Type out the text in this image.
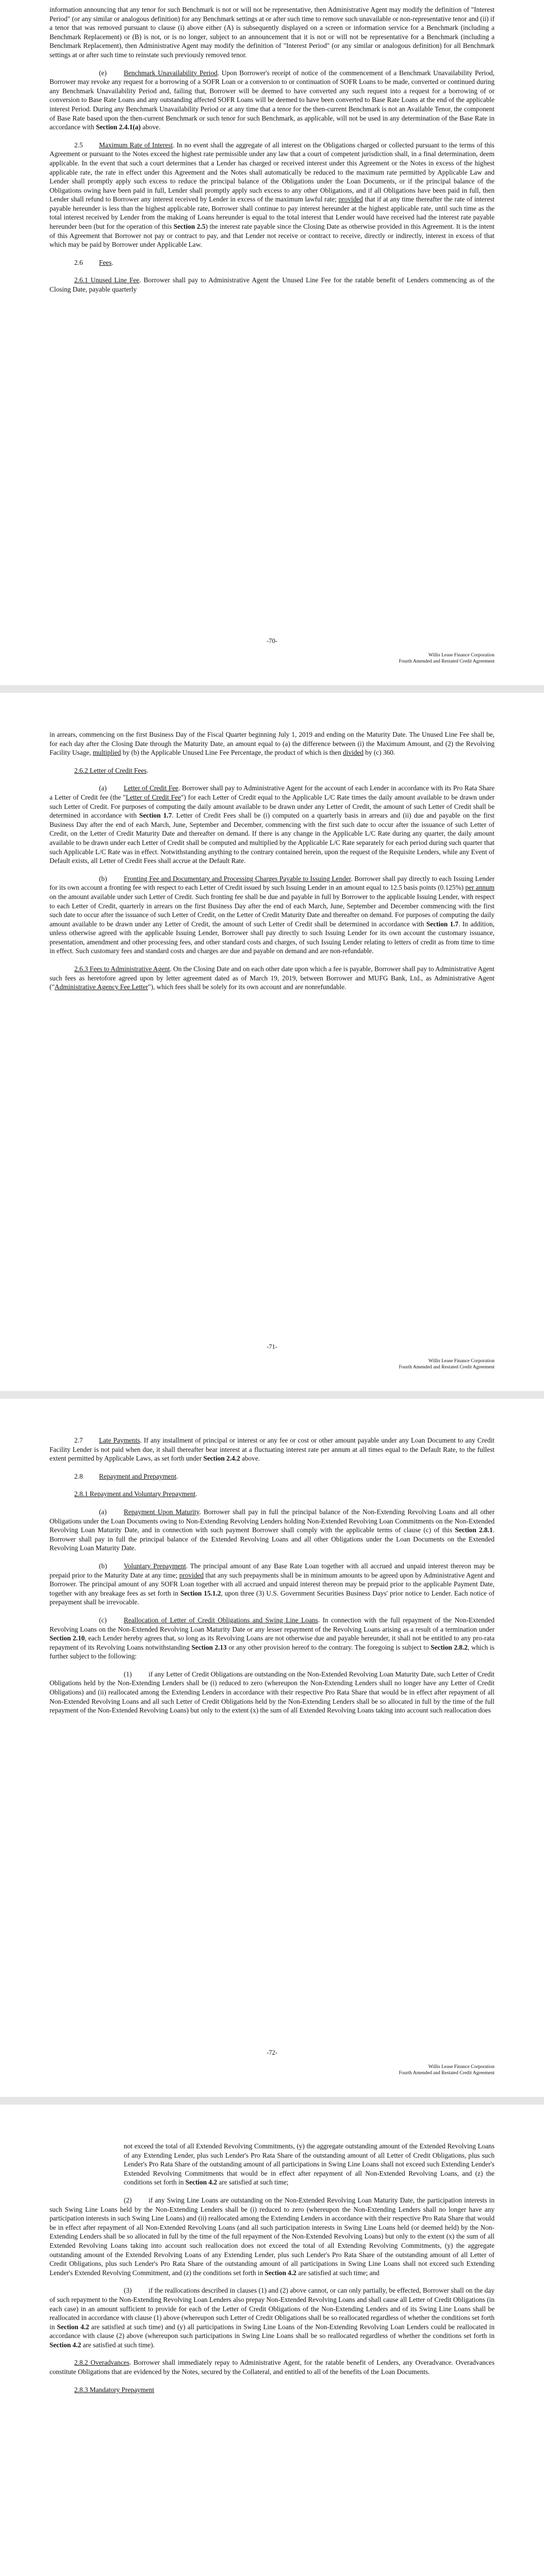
information announcing that any tenor for such Benchmark is not or will not be representative, then Administrative Agent may modify the definition of "Interest Period" (or any similar or analogous definition) for any Benchmark settings at or after such time to remove such unavailable or non-representative tenor and (ii) if a tenor that was removed pursuant to clause (i) above either (A) is subsequently displayed on a screen or information service for a Benchmark (including a Benchmark Replacement) or (B) is not, or is no longer, subject to an announcement that it is not or will not be representative for a Benchmark (including a Benchmark Replacement), then Administrative Agent may modify the definition of "Interest Period" (or any similar or analogous definition) for all Benchmark settings at or after such time to reinstate such previously removed tenor.

(e) Benchmark Unavailability Period. Upon Borrower's receipt of notice of the commencement of a Benchmark Unavailability Period, Borrower may revoke any request for a borrowing of a SOFR Loan or a conversion to or continuation of SOFR Loans to be made, converted or continued during any Benchmark Unavailability Period and, failing that, Borrower will be deemed to have converted any such request into a request for a borrowing of or conversion to Base Rate Loans and any outstanding affected SOFR Loans will be deemed to have been converted to Base Rate Loans at the end of the applicable interest Period. During any Benchmark Unavailability Period or at any time that a tenor for the then-current Benchmark is not an Available Tenor, the component of Base Rate based upon the then-current Benchmark or such tenor for such Benchmark, as applicable, will not be used in any determination of the Base Rate in accordance with Section 2.4.1(a) above.

2.5 Maximum Rate of Interest. In no event shall the aggregate of all interest on the Obligations charged or collected pursuant to the terms of this Agreement or pursuant to the Notes exceed the highest rate permissible under any law that a court of competent jurisdiction shall, in a final determination, deem applicable. In the event that such a court determines that a Lender has charged or received interest under this Agreement or the Notes in excess of the highest applicable rate, the rate in effect under this Agreement and the Notes shall automatically be reduced to the maximum rate permitted by Applicable Law and Lender shall promptly apply such excess to reduce the principal balance of the Obligations under the Loan Documents, or if the principal balance of the Obligations owing have been paid in full, Lender shall promptly apply such excess to any other Obligations, and if all Obligations have been paid in full, then Lender shall refund to Borrower any interest received by Lender in excess of the maximum lawful rate; provided that if at any time thereafter the rate of interest payable hereunder is less than the highest applicable rate, Borrower shall continue to pay interest hereunder at the highest applicable rate, until such time as the total interest received by Lender from the making of Loans hereunder is equal to the total interest that Lender would have received had the interest rate payable hereunder been (but for the operation of this Section 2.5) the interest rate payable since the Closing Date as otherwise provided in this Agreement. It is the intent of this Agreement that Borrower not pay or contract to pay, and that Lender not receive or contract to receive, directly or indirectly, interest in excess of that which may be paid by Borrower under Applicable Law.

2.6 Fees.

2.6.1 Unused Line Fee. Borrower shall pay to Administrative Agent the Unused Line Fee for the ratable benefit of Lenders commencing as of the Closing Date, payable quarterly

-70-
Willis Lease Finance Corporation
Fourth Amended and Restated Credit Agreement

in arrears, commencing on the first Business Day of the Fiscal Quarter beginning July 1, 2019 and ending on the Maturity Date. The Unused Line Fee shall be, for each day after the Closing Date through the Maturity Date, an amount equal to (a) the difference between (i) the Maximum Amount, and (2) the Revolving Facility Usage, multiplied by (b) the Applicable Unused Line Fee Percentage, the product of which is then divided by (c) 360.

2.6.2 Letter of Credit Fees.

(a) Letter of Credit Fee. Borrower shall pay to Administrative Agent for the account of each Lender in accordance with its Pro Rata Share a Letter of Credit fee (the "Letter of Credit Fee") for each Letter of Credit equal to the Applicable L/C Rate times the daily amount available to be drawn under such Letter of Credit. For purposes of computing the daily amount available to be drawn under any Letter of Credit, the amount of such Letter of Credit shall be determined in accordance with Section 1.7. Letter of Credit Fees shall be (i) computed on a quarterly basis in arrears and (ii) due and payable on the first Business Day after the end of each March, June, September and December, commencing with the first such date to occur after the issuance of such Letter of Credit, on the Letter of Credit Maturity Date and thereafter on demand. If there is any change in the Applicable L/C Rate during any quarter, the daily amount available to be drawn under each Letter of Credit shall be computed and multiplied by the Applicable L/C Rate separately for each period during such quarter that such Applicable L/C Rate was in effect. Notwithstanding anything to the contrary contained herein, upon the request of the Requisite Lenders, while any Event of Default exists, all Letter of Credit Fees shall accrue at the Default Rate.

(b) Fronting Fee and Documentary and Processing Charges Payable to Issuing Lender. Borrower shall pay directly to each Issuing Lender for its own account a fronting fee with respect to each Letter of Credit issued by such Issuing Lender in an amount equal to 12.5 basis points (0.125%) per annum on the amount available under such Letter of Credit. Such fronting fee shall be due and payable in full by Borrower to the applicable Issuing Lender, with respect to each Letter of Credit, quarterly in arrears on the first Business Day after the end of each March, June, September and December commencing with the first such date to occur after the issuance of such Letter of Credit, on the Letter of Credit Maturity Date and thereafter on demand. For purposes of computing the daily amount available to be drawn under any Letter of Credit, the amount of such Letter of Credit shall be determined in accordance with Section 1.7. In addition, unless otherwise agreed with the applicable Issuing Lender, Borrower shall pay directly to such Issuing Lender for its own account the customary issuance, presentation, amendment and other processing fees, and other standard costs and charges, of such Issuing Lender relating to letters of credit as from time to time in effect. Such customary fees and standard costs and charges are due and payable on demand and are non-refundable.

2.6.3 Fees to Administrative Agent. On the Closing Date and on each other date upon which a fee is payable, Borrower shall pay to Administrative Agent such fees as heretofore agreed upon by letter agreement dated as of March 19, 2019, between Borrower and MUFG Bank, Ltd., as Administrative Agent ("Administrative Agency Fee Letter"), which fees shall be solely for its own account and are nonrefundable.

-71-
Willis Lease Finance Corporation
Fourth Amended and Restated Credit Agreement

2.7 Late Payments. If any installment of principal or interest or any fee or cost or other amount payable under any Loan Document to any Credit Facility Lender is not paid when due, it shall thereafter bear interest at a fluctuating interest rate per annum at all times equal to the Default Rate, to the fullest extent permitted by Applicable Laws, as set forth under Section 2.4.2 above.

2.8 Repayment and Prepayment.

2.8.1 Repayment and Voluntary Prepayment.

(a) Repayment Upon Maturity. Borrower shall pay in full the principal balance of the Non-Extending Revolving Loans and all other Obligations under the Loan Documents owing to Non-Extending Revolving Lenders holding Non-Extended Revolving Loan Commitments on the Non-Extended Revolving Loan Maturity Date, and in connection with such payment Borrower shall comply with the applicable terms of clause (c) of this Section 2.8.1. Borrower shall pay in full the principal balance of the Extended Revolving Loans and all other Obligations under the Loan Documents on the Extended Revolving Loan Maturity Date.

(b) Voluntary Prepayment. The principal amount of any Base Rate Loan together with all accrued and unpaid interest thereon may be prepaid prior to the Maturity Date at any time; provided that any such prepayments shall be in minimum amounts to be agreed upon by Administrative Agent and Borrower. The principal amount of any SOFR Loan together with all accrued and unpaid interest thereon may be prepaid prior to the applicable Payment Date, together with any breakage fees as set forth in Section 15.1.2, upon three (3) U.S. Government Securities Business Days' prior notice to Lender. Each notice of prepayment shall be irrevocable.

(c) Reallocation of Letter of Credit Obligations and Swing Line Loans. In connection with the full repayment of the Non-Extended Revolving Loans on the Non-Extended Revolving Loan Maturity Date or any lesser repayment of the Revolving Loans arising as a result of a termination under Section 2.10, each Lender hereby agrees that, so long as its Revolving Loans are not otherwise due and payable hereunder, it shall not be entitled to any pro-rata repayment of its Revolving Loans notwithstanding Section 2.13 or any other provision hereof to the contrary. The foregoing is subject to Section 2.8.2, which is further subject to the following:

(1) if any Letter of Credit Obligations are outstanding on the Non-Extended Revolving Loan Maturity Date, such Letter of Credit Obligations held by the Non-Extending Lenders shall be (i) reduced to zero (whereupon the Non-Extending Lenders shall no longer have any Letter of Credit Obligations) and (ii) reallocated among the Extending Lenders in accordance with their respective Pro Rata Share that would be in effect after repayment of all Non-Extended Revolving Loans and all such Letter of Credit Obligations held by the Non-Extending Lenders shall be so allocated in full by the time of the full repayment of the Non-Extended Revolving Loans) but only to the extent (x) the sum of all Extended Revolving Loans taking into account such reallocation does

-72-
Willis Lease Finance Corporation
Fourth Amended and Restated Credit Agreement

not exceed the total of all Extended Revolving Commitments, (y) the aggregate outstanding amount of the Extended Revolving Loans of any Extending Lender, plus such Lender's Pro Rata Share of the outstanding amount of all Letter of Credit Obligations, plus such Lender's Pro Rata Share of the outstanding amount of all participations in Swing Line Loans shall not exceed such Extending Lender's Extended Revolving Commitments that would be in effect after repayment of all Non-Extended Revolving Loans, and (z) the conditions set forth in Section 4.2 are satisfied at such time;

(2) if any Swing Line Loans are outstanding on the Non-Extended Revolving Loan Maturity Date, the participation interests in such Swing Line Loans held by the Non-Extending Lenders shall be (i) reduced to zero (whereupon the Non-Extending Lenders shall no longer have any participation interests in such Swing Line Loans) and (ii) reallocated among the Extending Lenders in accordance with their respective Pro Rata Share that would be in effect after repayment of all Non-Extended Revolving Loans (and all such participation interests in Swing Line Loans held (or deemed held) by the Non-Extending Lenders shall be so allocated in full by the time of the full repayment of the Non-Extended Revolving Loans) but only to the extent (x) the sum of all Extended Revolving Loans taking into account such reallocation does not exceed the total of all Extending Revolving Commitments, (y) the aggregate outstanding amount of the Extended Revolving Loans of any Extending Lender, plus such Lender's Pro Rata Share of the outstanding amount of all Letter of Credit Obligations, plus such Lender's Pro Rata Share of the outstanding amount of all participations in Swing Line Loans shall not exceed such Extending Lender's Extended Revolving Commitment, and (z) the conditions set forth in Section 4.2 are satisfied at such time; and

(3) if the reallocations described in clauses (1) and (2) above cannot, or can only partially, be effected, Borrower shall on the day of such repayment to the Non-Extending Revolving Loan Lenders also prepay Non-Extended Revolving Loans and shall cause all Letter of Credit Obligations (in each case) in an amount sufficient to provide for each of the Letter of Credit Obligations of the Non-Extending Lenders and of its Swing Line Loans shall be reallocated in accordance with clause (1) above (whereupon such Letter of Credit Obligations shall be so reallocated regardless of whether the conditions set forth in Section 4.2 are satisfied at such time) and (y) all participations in Swing Line Loans of the Non-Extending Revolving Loan Lenders could be reallocated in accordance with clause (2) above (whereupon such participations in Swing Line Loans shall be so reallocated regardless of whether the conditions set forth in Section 4.2 are satisfied at such time).

2.8.2 Overadvances. Borrower shall immediately repay to Administrative Agent, for the ratable benefit of Lenders, any Overadvance. Overadvances constitute Obligations that are evidenced by the Notes, secured by the Collateral, and entitled to all of the benefits of the Loan Documents.

2.8.3 Mandatory Prepayment
